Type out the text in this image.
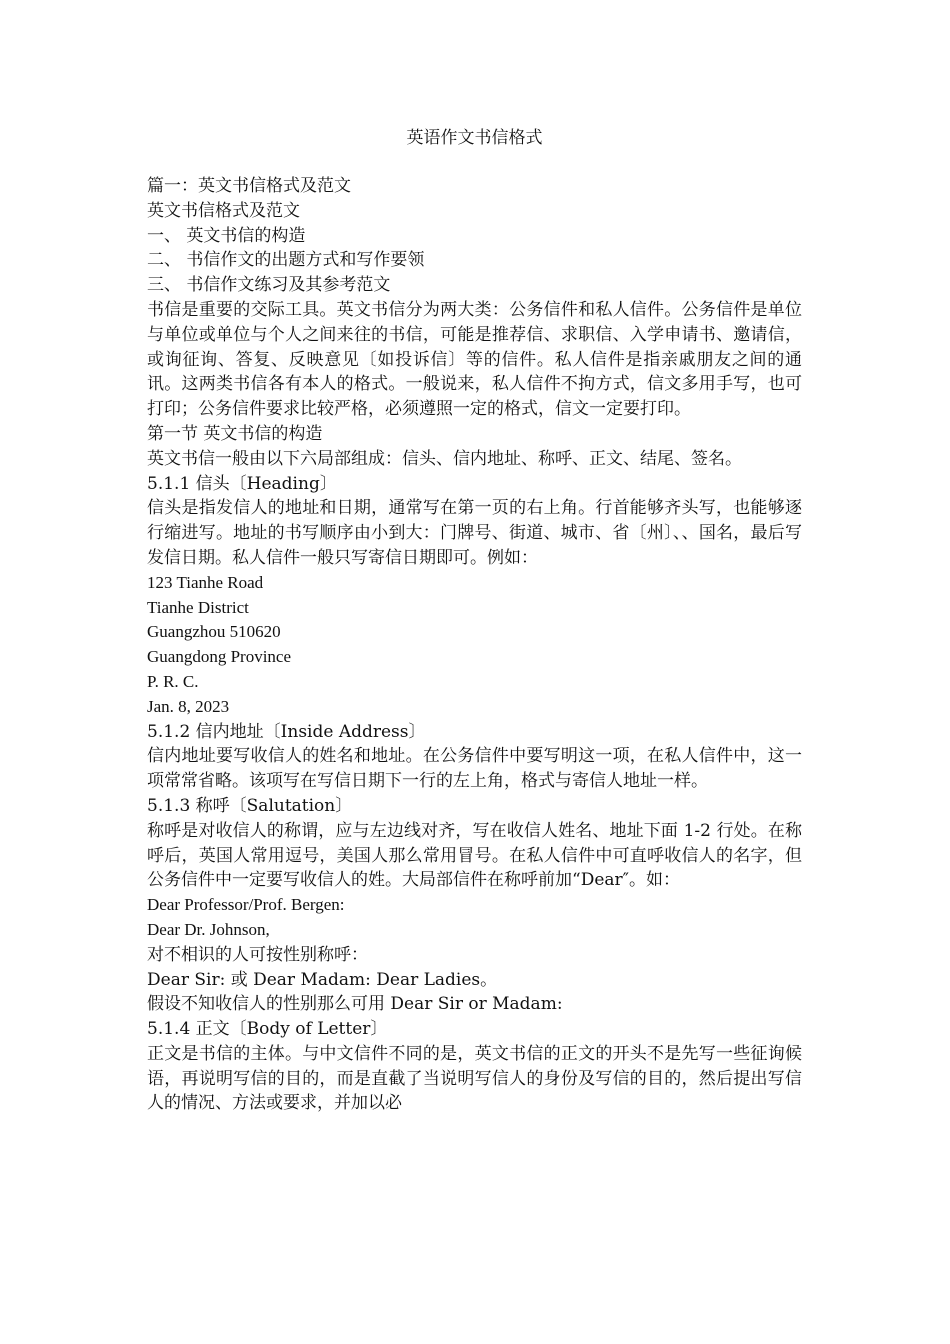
英语作文书信格式
篇一：英文书信格式及范文
英文书信格式及范文
一、 英文书信的构造
二、 书信作文的出题方式和写作要领
三、 书信作文练习及其参考范文
书信是重要的交际工具。英文书信分为两大类：公务信件和私人信件。公务信件是单位与单位或单位与个人之间来往的书信，可能是推荐信、求职信、入学申请书、邀请信，或询征询、答复、反映意见〔如投诉信〕等的信件。私人信件是指亲戚朋友之间的通讯。这两类书信各有本人的格式。一般说来，私人信件不拘方式，信文多用手写，也可打印；公务信件要求比较严格，必须遵照一定的格式，信文一定要打印。
第一节 英文书信的构造
英文书信一般由以下六局部组成：信头、信内地址、称呼、正文、结尾、签名。
5.1.1 信头〔Heading〕
信头是指发信人的地址和日期，通常写在第一页的右上角。行首能够齐头写，也能够逐行缩进写。地址的书写顺序由小到大：门牌号、街道、城市、省〔州〕、、国名，最后写发信日期。私人信件一般只写寄信日期即可。例如：
123 Tianhe Road
Tianhe District
Guangzhou 510620
Guangdong Province
P. R. C.
Jan. 8, 2023
5.1.2 信内地址〔Inside Address〕
信内地址要写收信人的姓名和地址。在公务信件中要写明这一项，在私人信件中，这一项常常省略。该项写在写信日期下一行的左上角，格式与寄信人地址一样。
5.1.3 称呼〔Salutation〕
称呼是对收信人的称谓，应与左边线对齐，写在收信人姓名、地址下面 1-2 行处。在称呼后，英国人常用逗号，美国人那么常用冒号。在私人信件中可直呼收信人的名字，但公务信件中一定要写收信人的姓。大局部信件在称呼前加“Dear″。如：
Dear Professor/Prof. Bergen:
Dear Dr. Johnson,
对不相识的人可按性别称呼：
Dear Sir: 或 Dear Madam: Dear Ladies。
假设不知收信人的性别那么可用 Dear Sir or Madam:
5.1.4 正文〔Body of Letter〕
正文是书信的主体。与中文信件不同的是，英文书信的正文的开头不是先写一些征询候语，再说明写信的目的，而是直截了当说明写信人的身份及写信的目的，然后提出写信人的情况、方法或要求，并加以必
